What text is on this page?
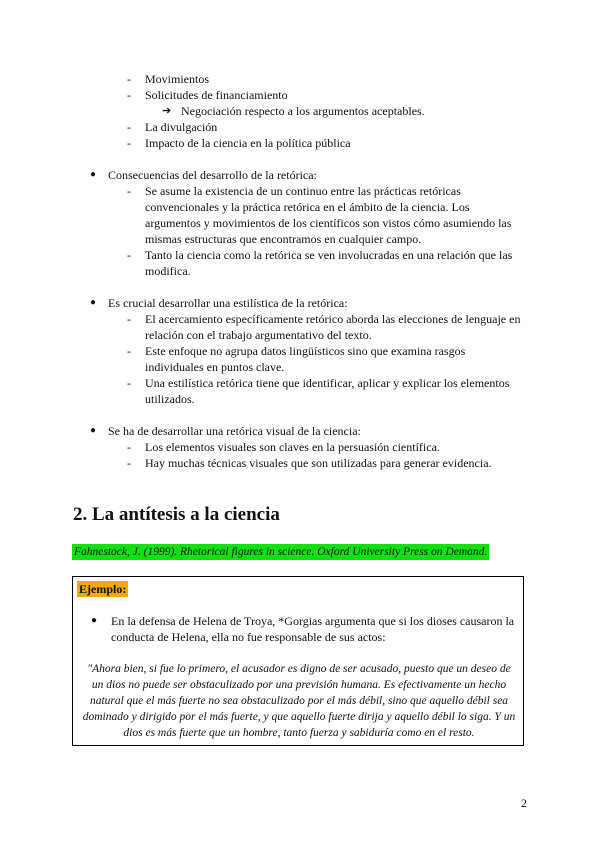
- Movimientos
- Solicitudes de financiamiento
➔ Negociación respecto a los argumentos aceptables.
- La divulgación
- Impacto de la ciencia en la política pública
● Consecuencias del desarrollo de la retórica:
- Se asume la existencia de un continuo entre las prácticas retóricas
convencionales y la práctica retórica en el ámbito de la ciencia. Los
argumentos y movimientos de los científicos son vistos cómo asumiendo las
mismas estructuras que encontramos en cualquier campo.
- Tanto la ciencia como la retórica se ven involucradas en una relación que las
modifica.
● Es crucial desarrollar una estilística de la retórica:
- El acercamiento específicamente retórico aborda las elecciones de lenguaje en
relación con el trabajo argumentativo del texto.
- Este enfoque no agrupa datos lingüísticos sino que examina rasgos
individuales en puntos clave.
- Una estilística retórica tiene que identificar, aplicar y explicar los elementos
utilizados.
● Se ha de desarrollar una retórica visual de la ciencia:
- Los elementos visuales son claves en la persuasión científica.
- Hay muchas técnicas visuales que son utilizadas para generar evidencia.
2. La antítesis a la ciencia
Fahnestock, J. (1999). Rhetorical figures in science. Oxford University Press on Demand.
Ejemplo:
● En la defensa de Helena de Troya, *Gorgias argumenta que si los dioses causaron la
conducta de Helena, ella no fue responsable de sus actos:
"Ahora bien, si fue lo primero, el acusador es digno de ser acusado, puesto que un deseo de un dios no puede ser obstaculizado por una previsión humana. Es efectivamente un hecho natural que el más fuerte no sea obstaculizado por el más débil, sino que aquello débil sea dominado y dirigido por el más fuerte, y que aquello fuerte dirija y aquello débil lo siga. Y un dios es más fuerte que un hombre, tanto fuerza y sabiduría como en el resto.
2
